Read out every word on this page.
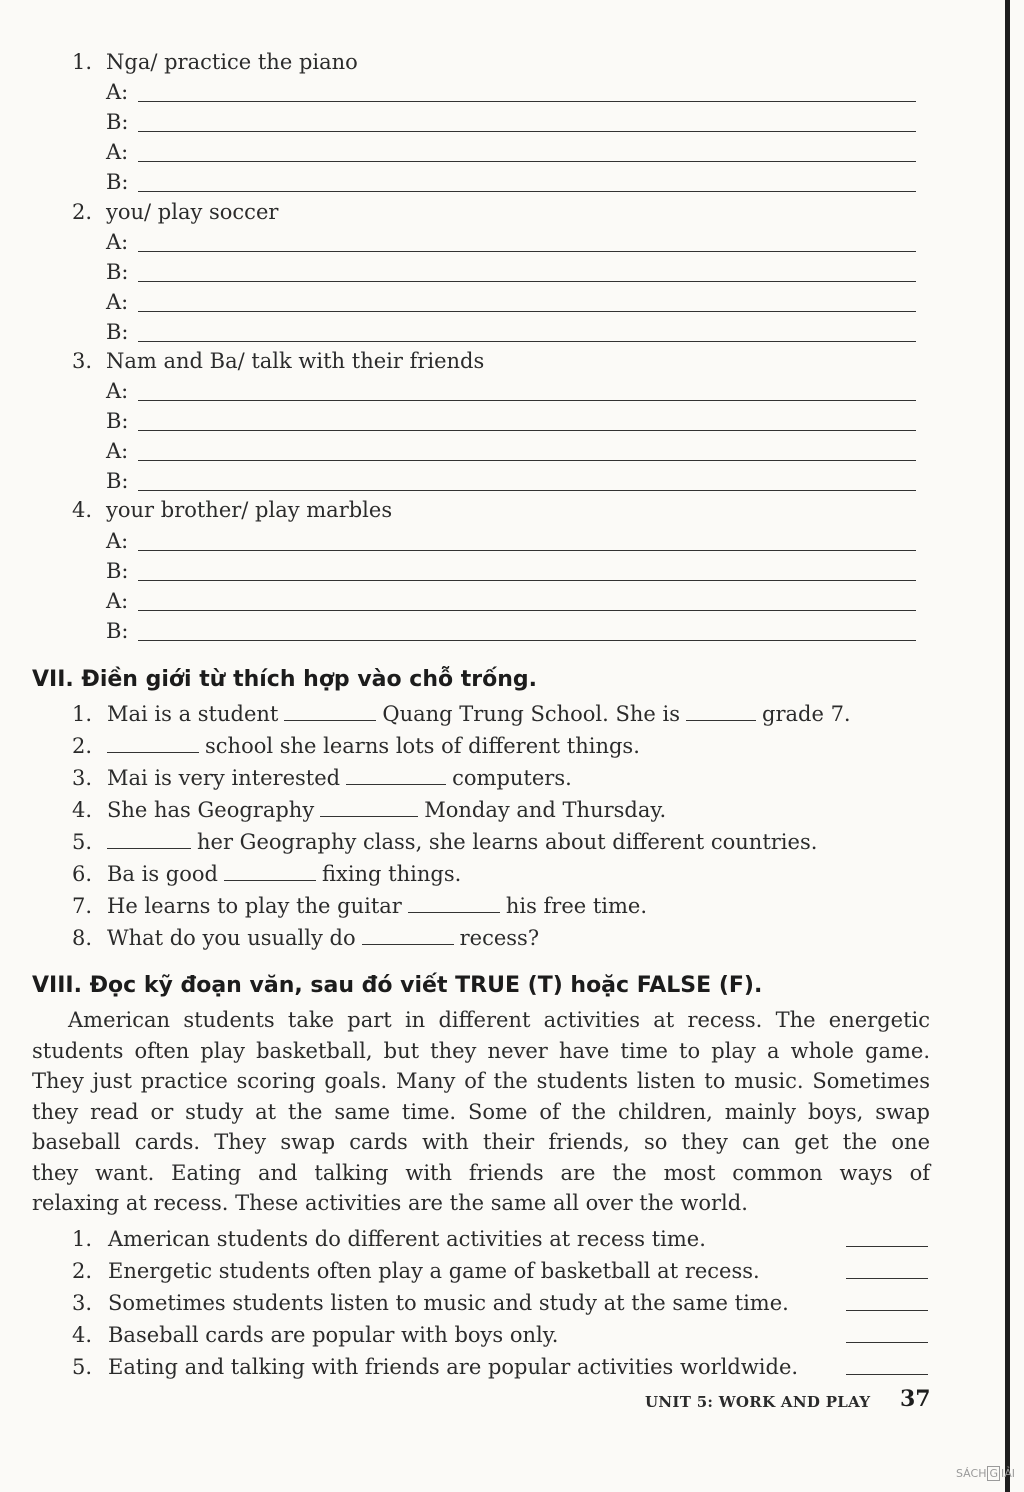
1. Nga/ practice the piano
A:
B:
A:
B:
2. you/ play soccer
A:
B:
A:
B:
3. Nam and Ba/ talk with their friends
A:
B:
A:
B:
4. your brother/ play marbles
A:
B:
A:
B:
VII. Điền giới từ thích hợp vào chỗ trống.
1. Mai is a student	Quang Trung School. She is	grade 7.
2.	school she learns lots of different things.
3. Mai is very interested	computers.
4. She has Geography	Monday and Thursday.
5.	her Geography class, she learns about different countries.
6. Ba is good	fixing things.
7. He learns to play the guitar	his free time.
8. What do you usually do	recess?
VIII. Đọc kỹ đoạn văn, sau đó viết TRUE (T) hoặc FALSE (F).
American students take part in different activities at recess. The energetic
students often play basketball, but they never have time to play a whole game.
They just practice scoring goals. Many of the students listen to music. Sometimes
they read or study at the same time. Some of the children, mainly boys, swap
baseball cards. They swap cards with their friends, so they can get the one
they want. Eating and talking with friends are the most common ways of
relaxing at recess. These activities are the same all over the world.
1. American students do different activities at recess time.
2. Energetic students often play a game of basketball at recess.
3. Sometimes students listen to music and study at the same time.
4. Baseball cards are popular with boys only.
5. Eating and talking with friends are popular activities worldwide.
UNIT 5: WORK AND PLAY 37
SÁCH G IẢI
